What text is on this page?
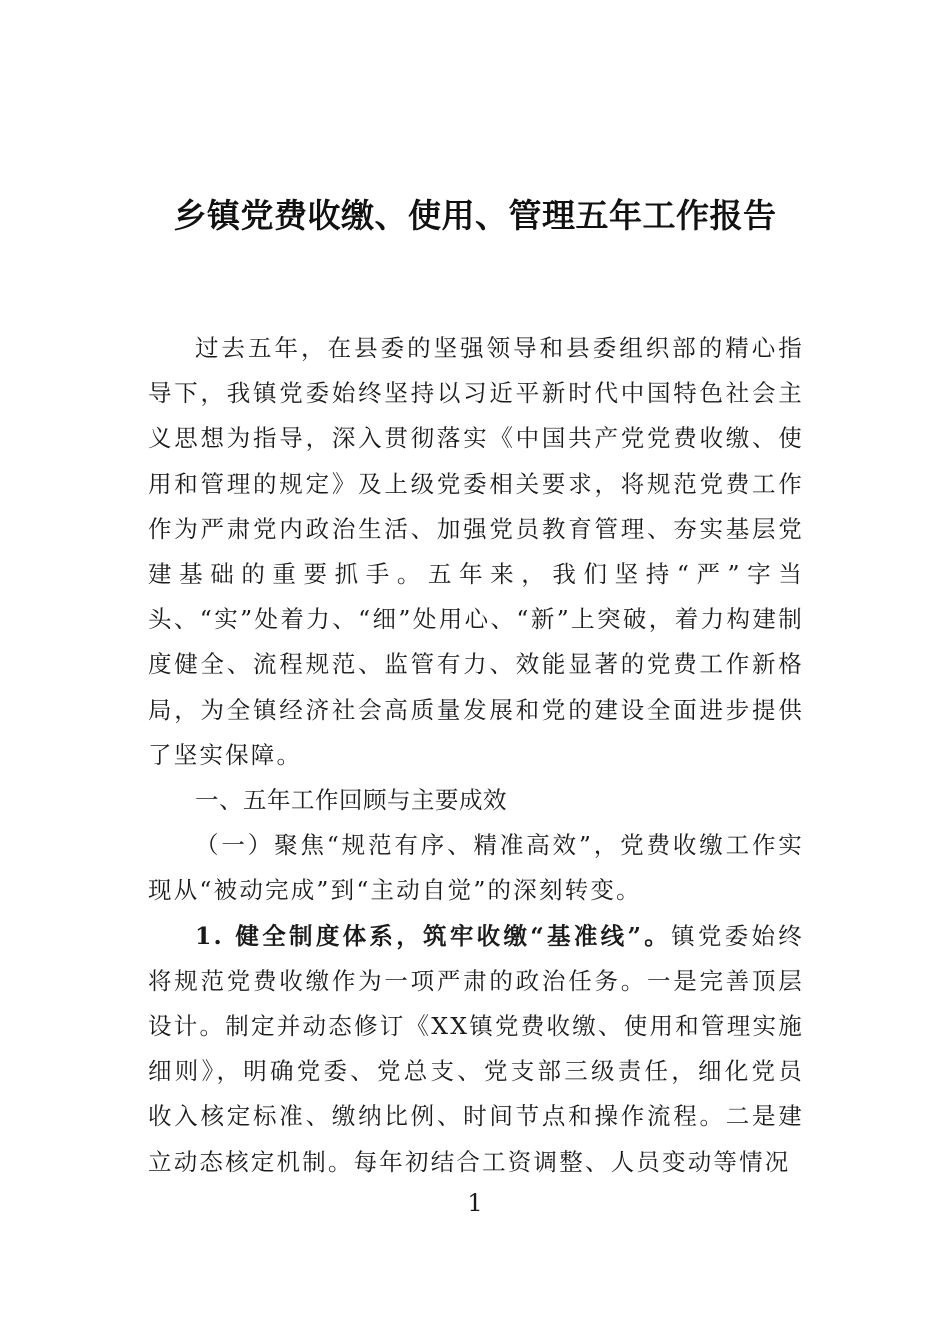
乡镇党费收缴、使用、管理五年工作报告

过去五年，在县委的坚强领导和县委组织部的精心指导下，我镇党委始终坚持以习近平新时代中国特色社会主义思想为指导，深入贯彻落实《中国共产党党费收缴、使用和管理的规定》及上级党委相关要求，将规范党费工作作为严肃党内政治生活、加强党员教育管理、夯实基层党建基础的重要抓手。五年来，我们坚持“严”字当头、“实”处着力、“细”处用心、“新”上突破，着力构建制度健全、流程规范、监管有力、效能显著的党费工作新格局，为全镇经济社会高质量发展和党的建设全面进步提供了坚实保障。

一、五年工作回顾与主要成效

（一）聚焦“规范有序、精准高效”，党费收缴工作实现从“被动完成”到“主动自觉”的深刻转变。

1. 健全制度体系，筑牢收缴“基准线”。镇党委始终将规范党费收缴作为一项严肃的政治任务。一是完善顶层设计。制定并动态修订《XX镇党费收缴、使用和管理实施细则》，明确党委、党总支、党支部三级责任，细化党员收入核定标准、缴纳比例、时间节点和操作流程。二是建立动态核定机制。每年初结合工资调整、人员变动等情况

1
